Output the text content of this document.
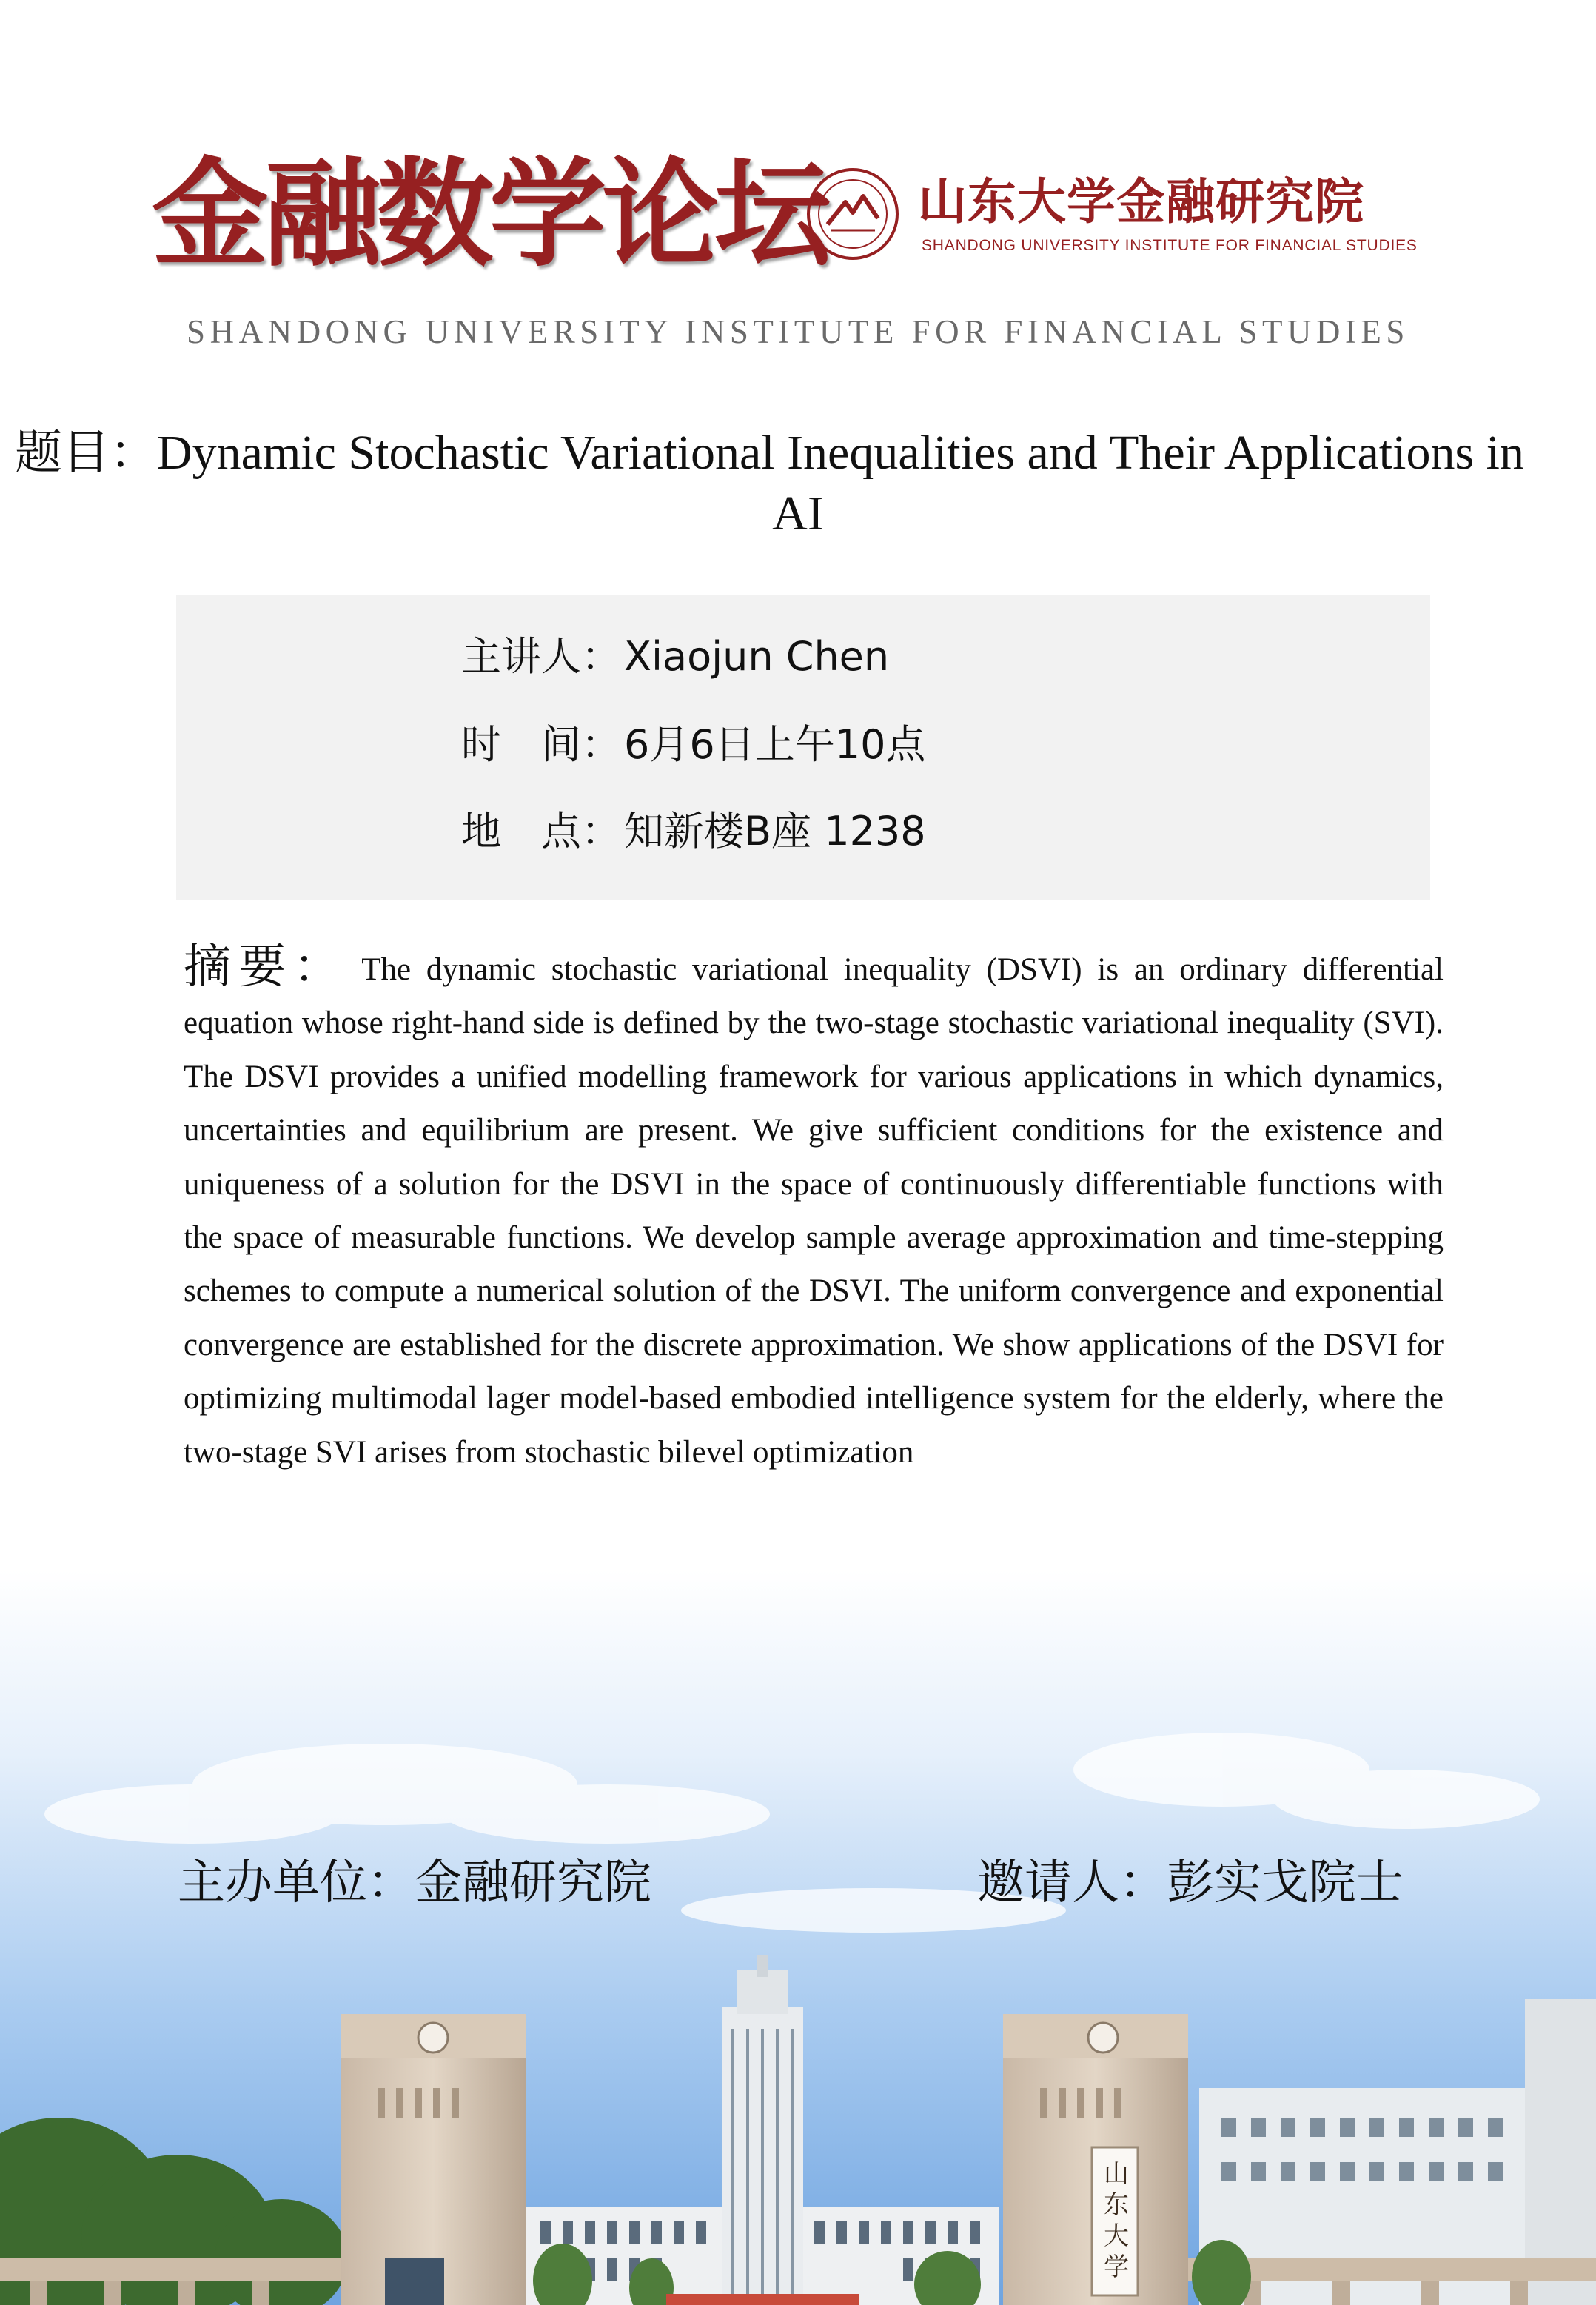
金融数学论坛 山东大学金融研究院
SHANDONG UNIVERSITY INSTITUTE FOR FINANCIAL STUDIES
SHANDONG UNIVERSITY INSTITUTE FOR FINANCIAL STUDIES
题目：Dynamic Stochastic Variational Inequalities and Their Applications in
AI
主讲人：Xiaojun Chen
时　间：6月6日上午10点
地　点：知新楼B座 1238
摘要： The dynamic stochastic variational inequality (DSVI) is an ordinary differential equation whose right-hand side is defined by the two-stage stochastic variational inequality (SVI). The DSVI provides a unified modelling framework for various applications in which dynamics, uncertainties and equilibrium are present. We give sufficient conditions for the existence and uniqueness of a solution for the DSVI in the space of continuously differentiable functions with the space of measurable functions. We develop sample average approximation and time-stepping schemes to compute a numerical solution of the DSVI. The uniform convergence and exponential convergence are established for the discrete approximation. We show applications of the DSVI for optimizing multimodal lager model-based embodied intelligence system for the elderly, where the two-stage SVI arises from stochastic bilevel optimization
山东大学
主办单位：金融研究院	邀请人：彭实戈院士
